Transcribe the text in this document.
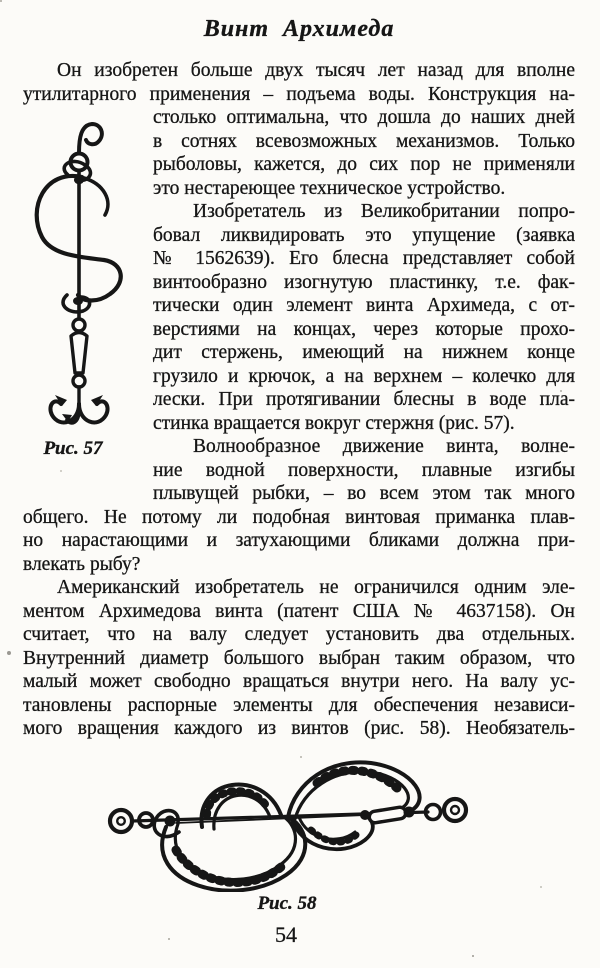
Винт Архимеда
Он изобретен больше двух тысяч лет назад для вполне
утилитарного применения – подъема воды. Конструкция на-
Рис. 57
столько оптимальна, что дошла до наших дней
в сотнях всевозможных механизмов. Только
рыболовы, кажется, до сих пор не применяли
это нестареющее техническое устройство.
Изобретатель из Великобритании попро-
бовал ликвидировать это упущение (заявка
№ 1562639). Его блесна представляет собой
винтообразно изогнутую пластинку, т.е. фак-
тически один элемент винта Архимеда, с от-
верстиями на концах, через которые прохо-
дит стержень, имеющий на нижнем конце
грузило и крючок, а на верхнем – колечко для
лески. При протягивании блесны в воде пла-
стинка вращается вокруг стержня (рис. 57).
Волнообразное движение винта, волне-
ние водной поверхности, плавные изгибы
плывущей рыбки, – во всем этом так много
общего. Не потому ли подобная винтовая приманка плав-
но нарастающими и затухающими бликами должна при-
влекать рыбу?
Американский изобретатель не ограничился одним эле-
ментом Архимедова винта (патент США № 4637158). Он
считает, что на валу следует установить два отдельных.
Внутренний диаметр большого выбран таким образом, что
малый может свободно вращаться внутри него. На валу ус-
тановлены распорные элементы для обеспечения независи-
мого вращения каждого из винтов (рис. 58). Необязатель-
Рис. 58
54
